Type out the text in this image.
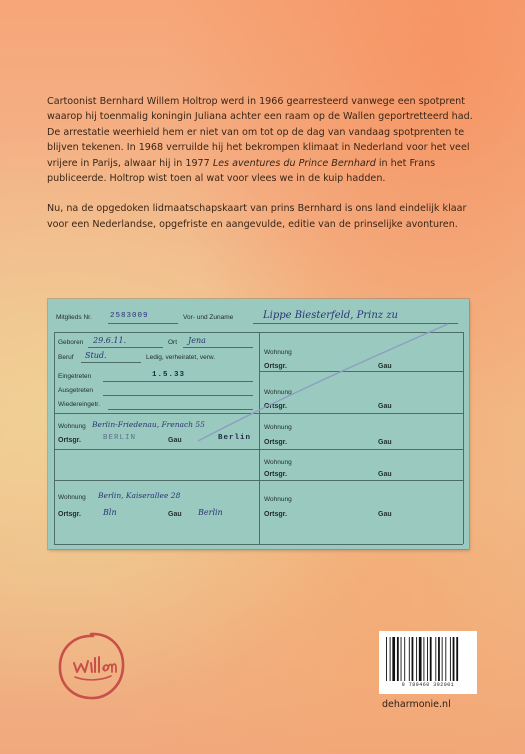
Cartoonist Bernhard Willem Holtrop werd in 1966 gearresteerd vanwege een spotprent waarop hij toenmalig koningin Juliana achter een raam op de Wallen geportretteerd had. De arrestatie weerhield hem er niet van om tot op de dag van vandaag spotprenten te blijven tekenen. In 1968 verruilde hij het bekrompen klimaat in Nederland voor het veel vrijere in Parijs, alwaar hij in 1977 Les aventures du Prince Bernhard in het Frans publiceerde. Holtrop wist toen al wat voor vlees we in de kuip hadden.

Nu, na de opgedoken lidmaatschapskaart van prins Bernhard is ons land eindelijk klaar voor een Nederlandse, opgefriste en aangevulde, editie van de prinselijke avonturen.

Mitglieds Nr. 2583009	Vor- und Zuname	Lippe Biesterfeld, Prinz zu
Geboren 29.6.11.	Ort Jena
Beruf Stud.	Ledig, verheiratet, verw.
Eingetreten	1.5.33
Ausgetreten
Wiedereingetr.
Wohnung Berlin-Friedenau, Frenach 55
Ortsgr.	BERLIN	Gau	Berlin
Wohnung Berlin, Kaiserallee 28
Ortsgr.	Bln	Gau Berlin
Wohnung
Ortsgr.	Gau
Wohnung
Ortsgr.	Gau
Wohnung
Ortsgr.	Gau
Wohnung
Ortsgr.	Gau
Wohnung
Ortsgr.	Gau
9 789460 392001
deharmonie.nl
